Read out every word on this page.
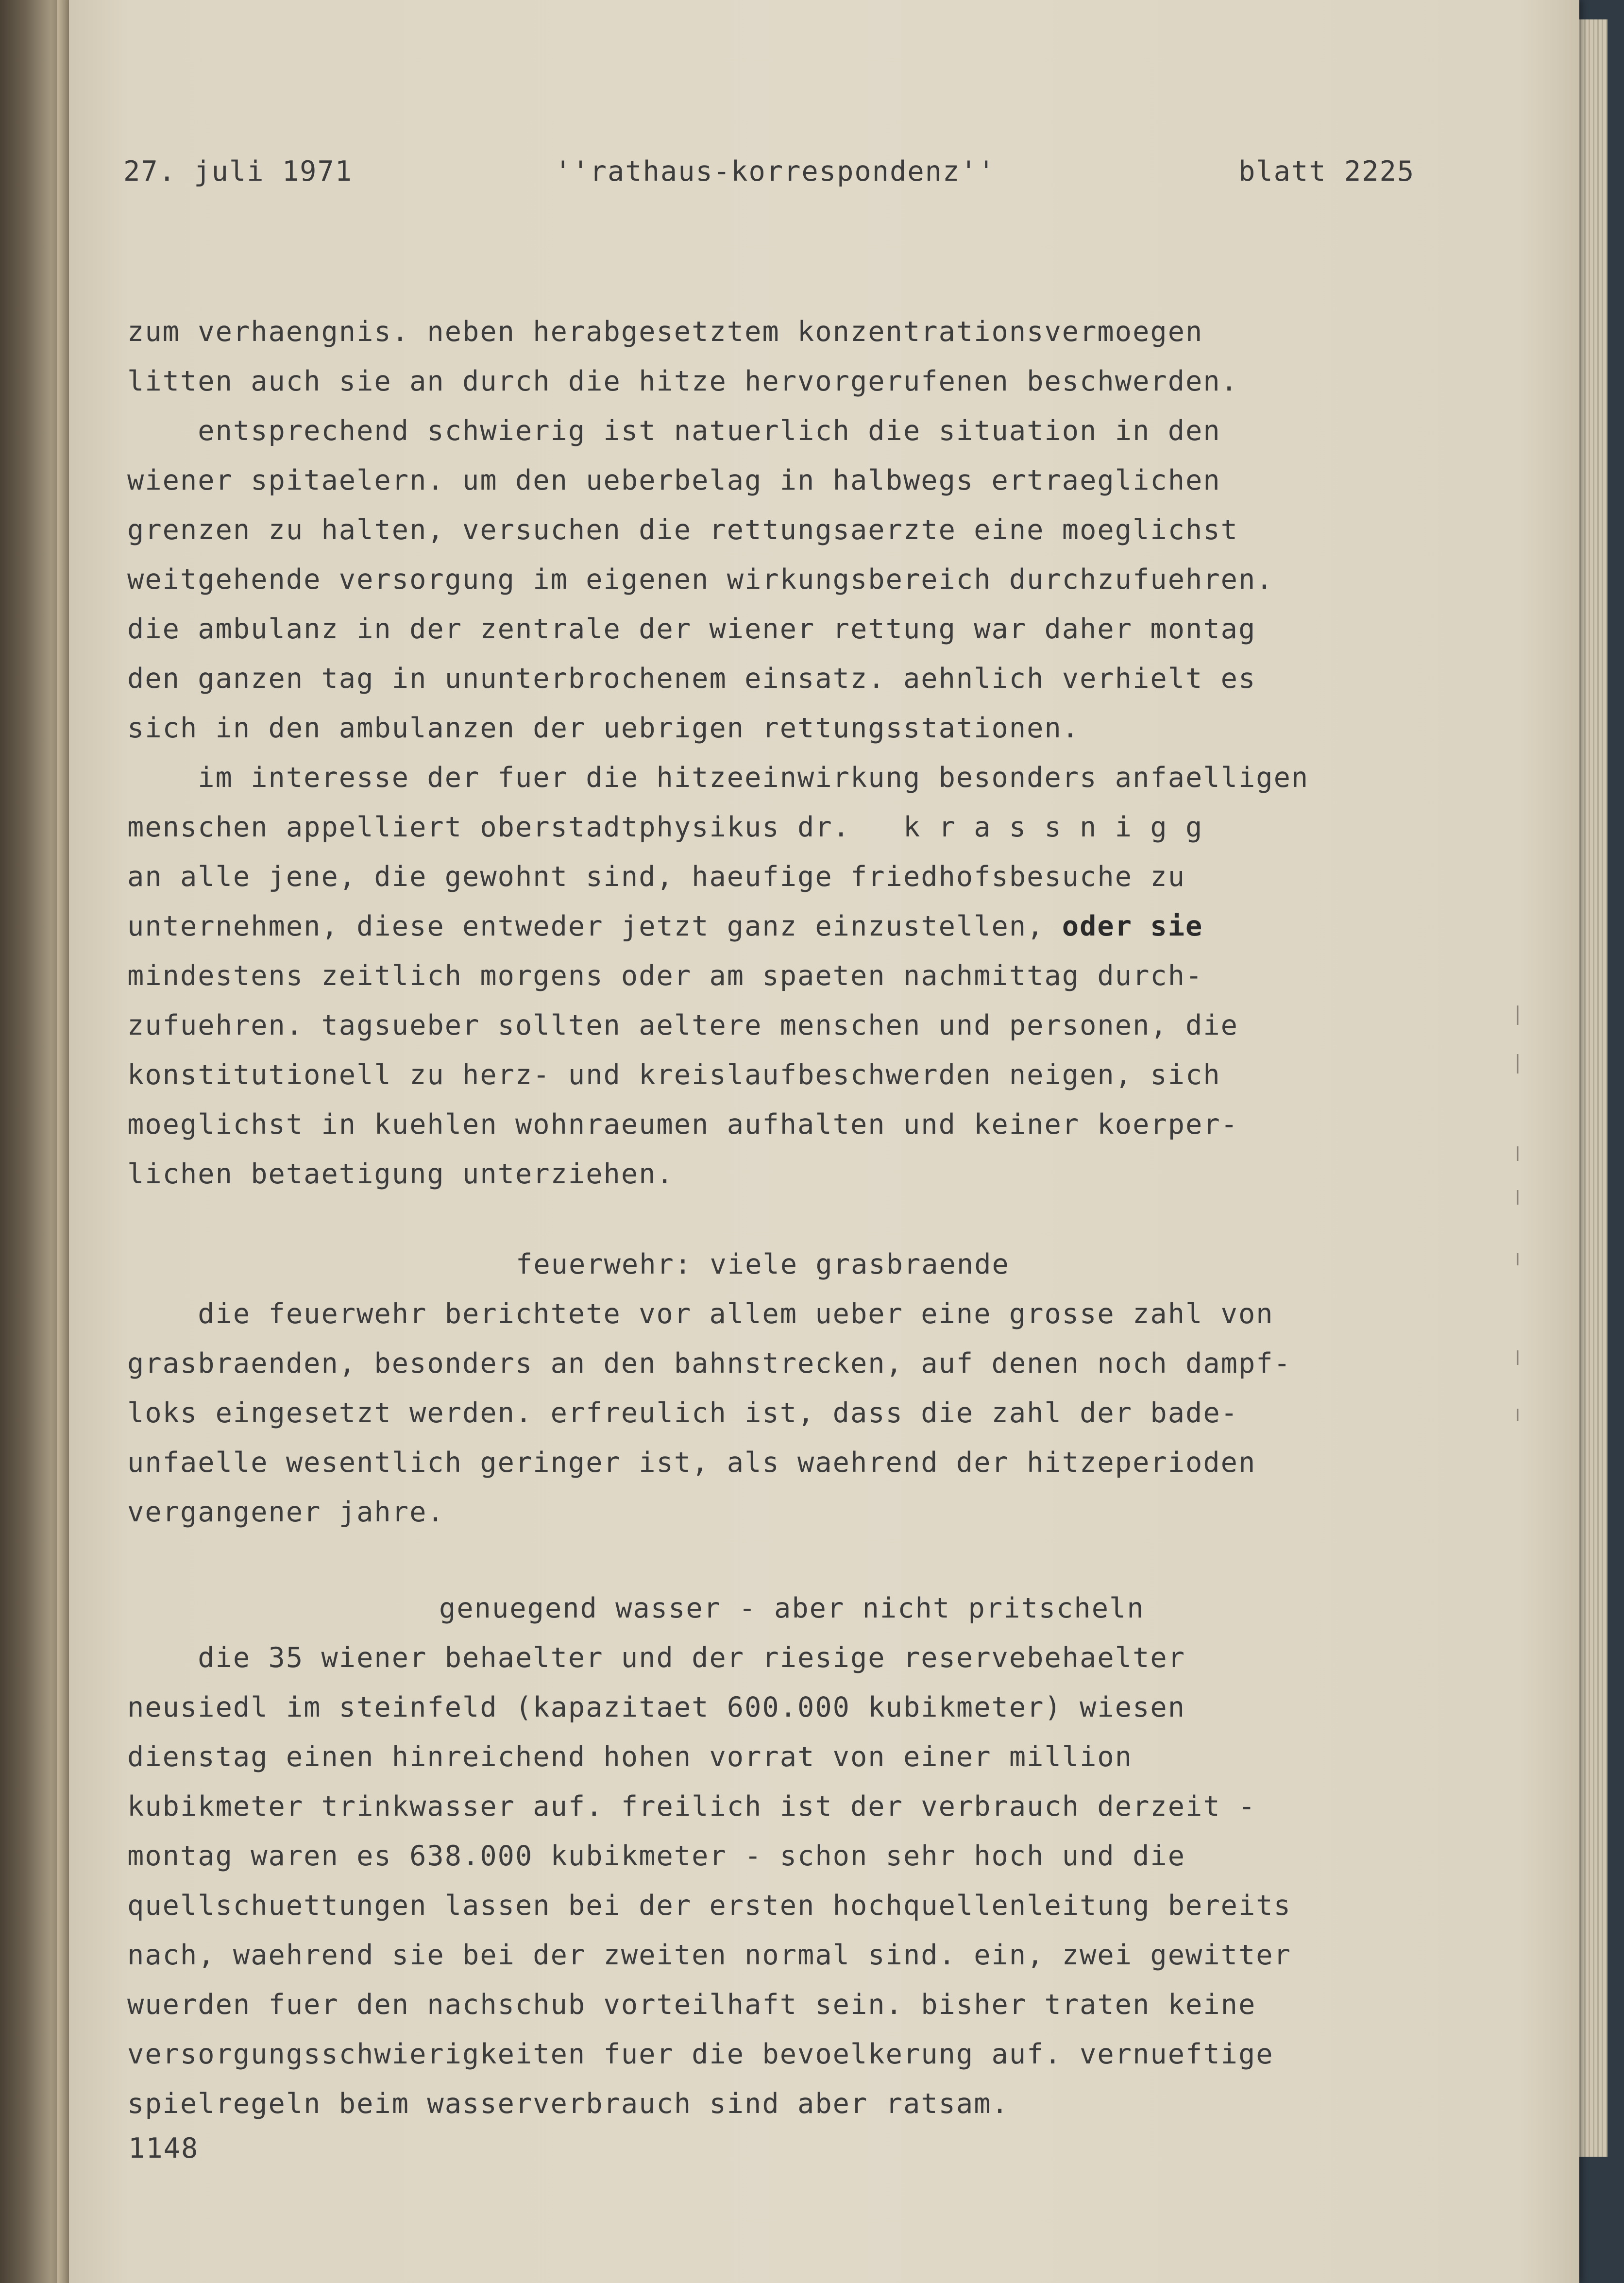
27. juli 1971

	''rathaus-korrespondenz''

	blatt 2225

zum verhaengnis. neben herabgesetztem konzentrationsvermoegen

litten auch sie an durch die hitze hervorgerufenen beschwerden.

entsprechend schwierig ist natuerlich die situation in den

wiener spitaelern. um den ueberbelag in halbwegs ertraeglichen

grenzen zu halten, versuchen die rettungsaerzte eine moeglichst

weitgehende versorgung im eigenen wirkungsbereich durchzufuehren.

die ambulanz in der zentrale der wiener rettung war daher montag

den ganzen tag in ununterbrochenem einsatz. aehnlich verhielt es

sich in den ambulanzen der uebrigen rettungsstationen.

im interesse der fuer die hitzeeinwirkung besonders anfaelligen

menschen appelliert oberstadtphysikus dr.   k r a s s n i g g

an alle jene, die gewohnt sind, haeufige friedhofsbesuche zu

unternehmen, diese entweder jetzt ganz einzustellen, oder sie

mindestens zeitlich morgens oder am spaeten nachmittag durch-

zufuehren. tagsueber sollten aeltere menschen und personen, die

konstitutionell zu herz- und kreislaufbeschwerden neigen, sich

moeglichst in kuehlen wohnraeumen aufhalten und keiner koerper-

lichen betaetigung unterziehen.

feuerwehr: viele grasbraende

die feuerwehr berichtete vor allem ueber eine grosse zahl von

grasbraenden, besonders an den bahnstrecken, auf denen noch dampf-

loks eingesetzt werden. erfreulich ist, dass die zahl der bade-

unfaelle wesentlich geringer ist, als waehrend der hitzeperioden

vergangener jahre.

genuegend wasser - aber nicht pritscheln

die 35 wiener behaelter und der riesige reservebehaelter

neusiedl im steinfeld (kapazitaet 600.000 kubikmeter) wiesen

dienstag einen hinreichend hohen vorrat von einer million

kubikmeter trinkwasser auf. freilich ist der verbrauch derzeit -

montag waren es 638.000 kubikmeter - schon sehr hoch und die

quellschuettungen lassen bei der ersten hochquellenleitung bereits

nach, waehrend sie bei der zweiten normal sind. ein, zwei gewitter

wuerden fuer den nachschub vorteilhaft sein. bisher traten keine

versorgungsschwierigkeiten fuer die bevoelkerung auf. vernueftige

spielregeln beim wasserverbrauch sind aber ratsam.

1148
